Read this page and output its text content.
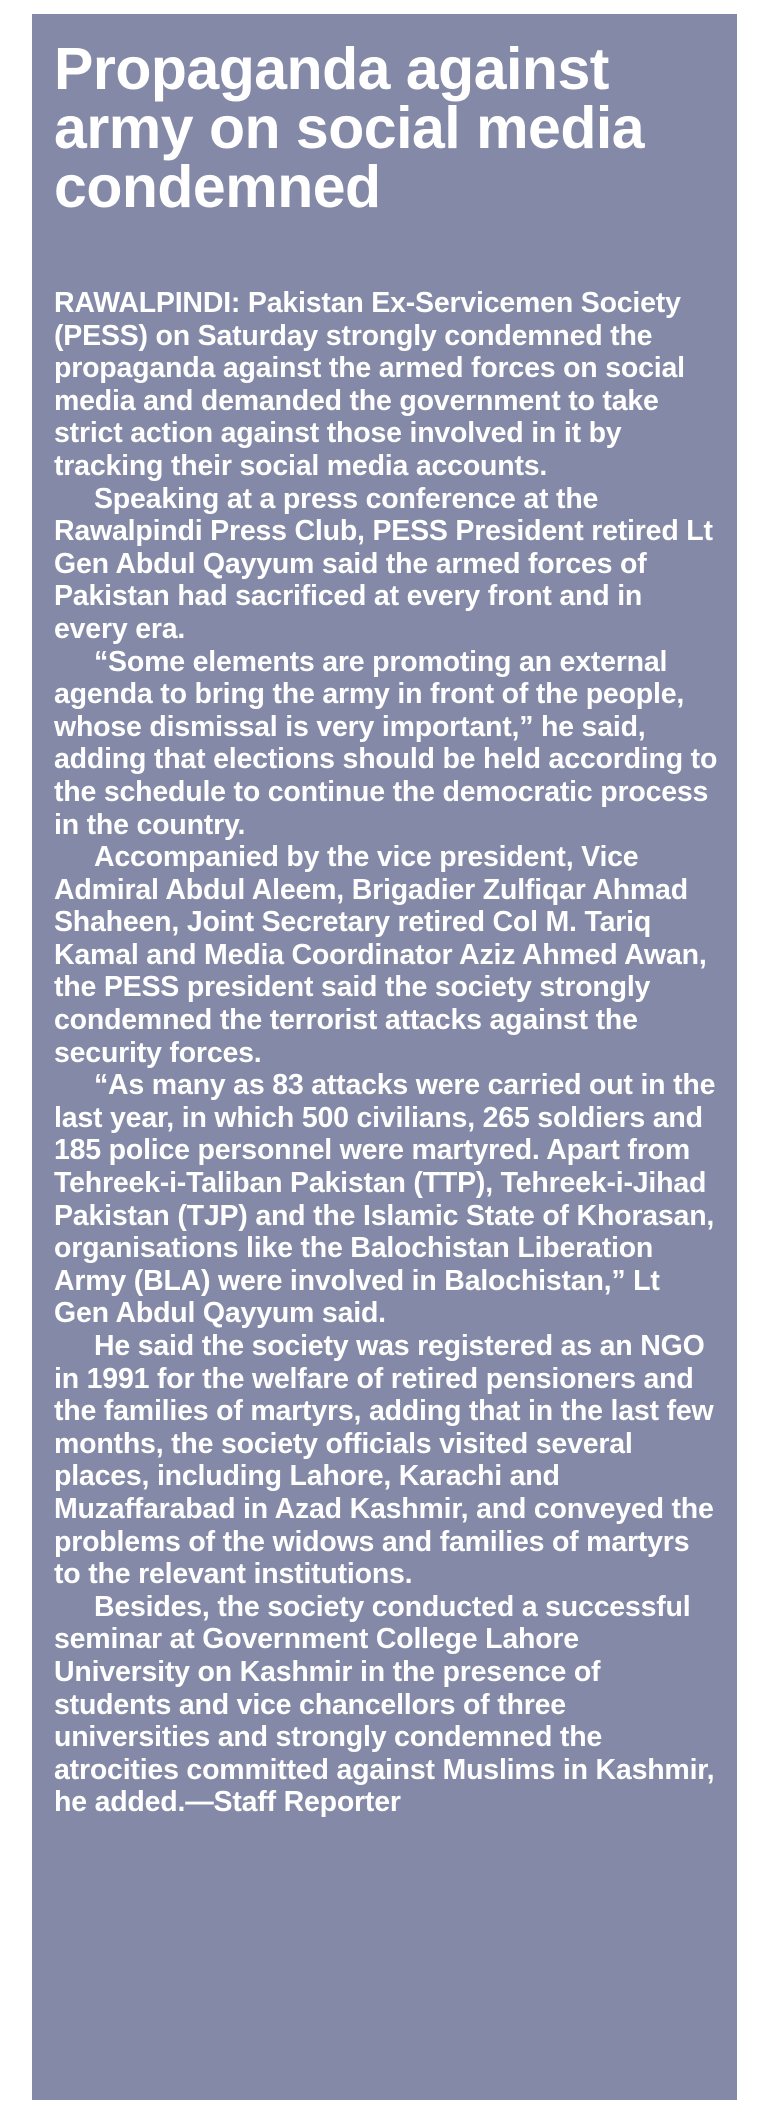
Propaganda against army on social media condemned

RAWALPINDI: Pakistan Ex-Servicemen Society (PESS) on Saturday strongly condemned the propaganda against the armed forces on social media and demanded the government to take strict action against those involved in it by tracking their social media accounts.

Speaking at a press conference at the Rawalpindi Press Club, PESS President retired Lt Gen Abdul Qayyum said the armed forces of Pakistan had sacrificed at every front and in every era.

“Some elements are promoting an external agenda to bring the army in front of the people, whose dismissal is very important,” he said, adding that elections should be held according to the schedule to continue the democratic process in the country.

Accompanied by the vice president, Vice Admiral Abdul Aleem, Brigadier Zulfiqar Ahmad Shaheen, Joint Secretary retired Col M. Tariq Kamal and Media Coordinator Aziz Ahmed Awan, the PESS president said the society strongly condemned the terrorist attacks against the security forces.

“As many as 83 attacks were carried out in the last year, in which 500 civilians, 265 soldiers and 185 police personnel were martyred. Apart from Tehreek-i-Taliban Pakistan (TTP), Tehreek-i-Jihad Pakistan (TJP) and the Islamic State of Khorasan, organisations like the Balochistan Liberation Army (BLA) were involved in Balochistan,” Lt Gen Abdul Qayyum said.

He said the society was registered as an NGO in 1991 for the welfare of retired pensioners and the families of martyrs, adding that in the last few months, the society officials visited several places, including Lahore, Karachi and Muzaffarabad in Azad Kashmir, and conveyed the problems of the widows and families of martyrs to the relevant institutions.

Besides, the society conducted a successful seminar at Government College Lahore University on Kashmir in the presence of students and vice chancellors of three universities and strongly condemned the atrocities committed against Muslims in Kashmir, he added.—Staff Reporter
